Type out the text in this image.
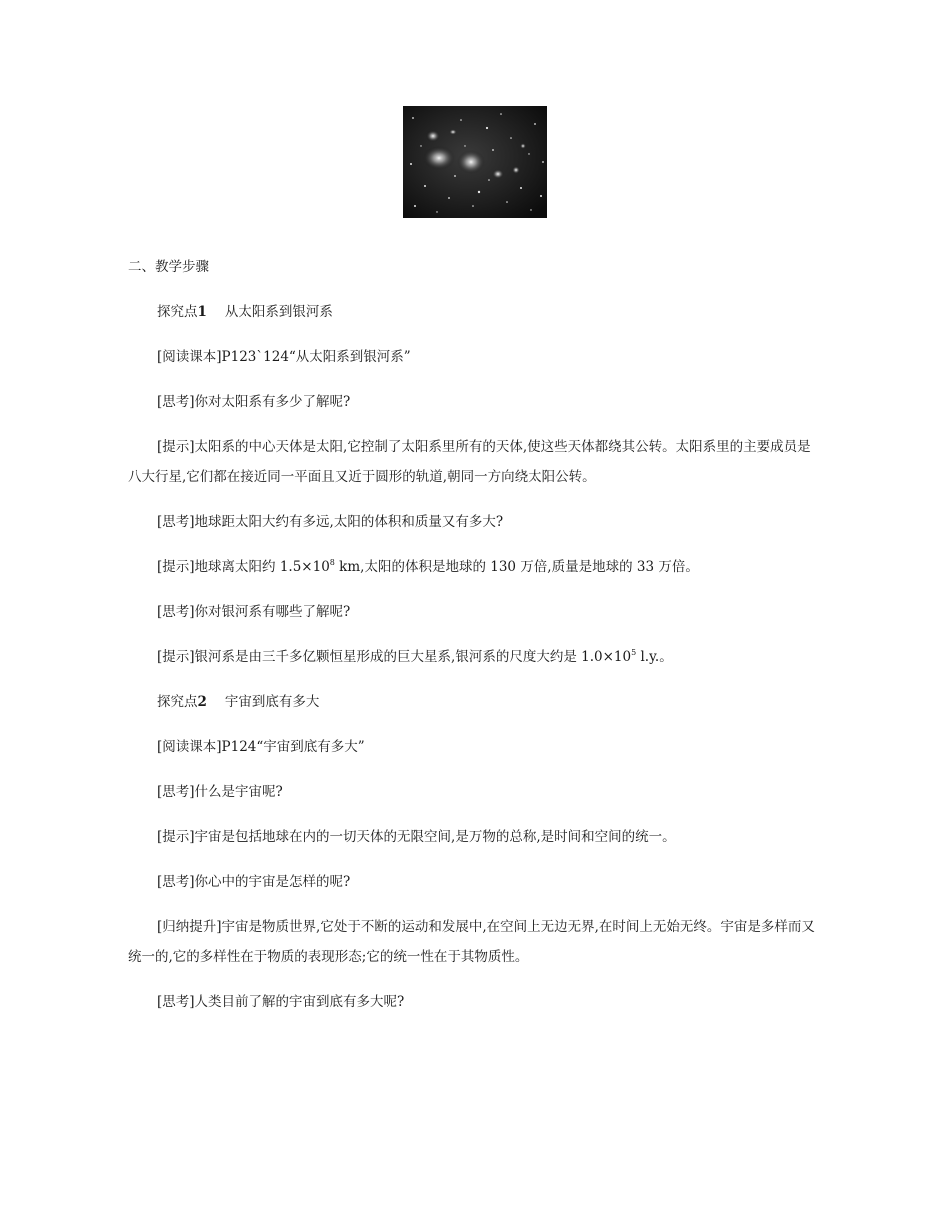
二、教学步骤

探究点1 从太阳系到银河系

[阅读课本]P123`124“从太阳系到银河系”

[思考]你对太阳系有多少了解呢?

[提示]太阳系的中心天体是太阳,它控制了太阳系里所有的天体,使这些天体都绕其公转。太阳系里的主要成员是八大行星,它们都在接近同一平面且又近于圆形的轨道,朝同一方向绕太阳公转。

[思考]地球距太阳大约有多远,太阳的体积和质量又有多大?

[提示]地球离太阳约 $1.5\times 10^8$ km,太阳的体积是地球的 130 万倍,质量是地球的 33 万倍。

[思考]你对银河系有哪些了解呢?

[提示]银河系是由三千多亿颗恒星形成的巨大星系,银河系的尺度大约是 $1.0\times 10^5$ l.y.。

探究点2 宇宙到底有多大

[阅读课本]P124“宇宙到底有多大”

[思考]什么是宇宙呢?

[提示]宇宙是包括地球在内的一切天体的无限空间,是万物的总称,是时间和空间的统一。

[思考]你心中的宇宙是怎样的呢?

[归纳提升]宇宙是物质世界,它处于不断的运动和发展中,在空间上无边无界,在时间上无始无终。宇宙是多样而又统一的,它的多样性在于物质的表现形态;它的统一性在于其物质性。

[思考]人类目前了解的宇宙到底有多大呢?
